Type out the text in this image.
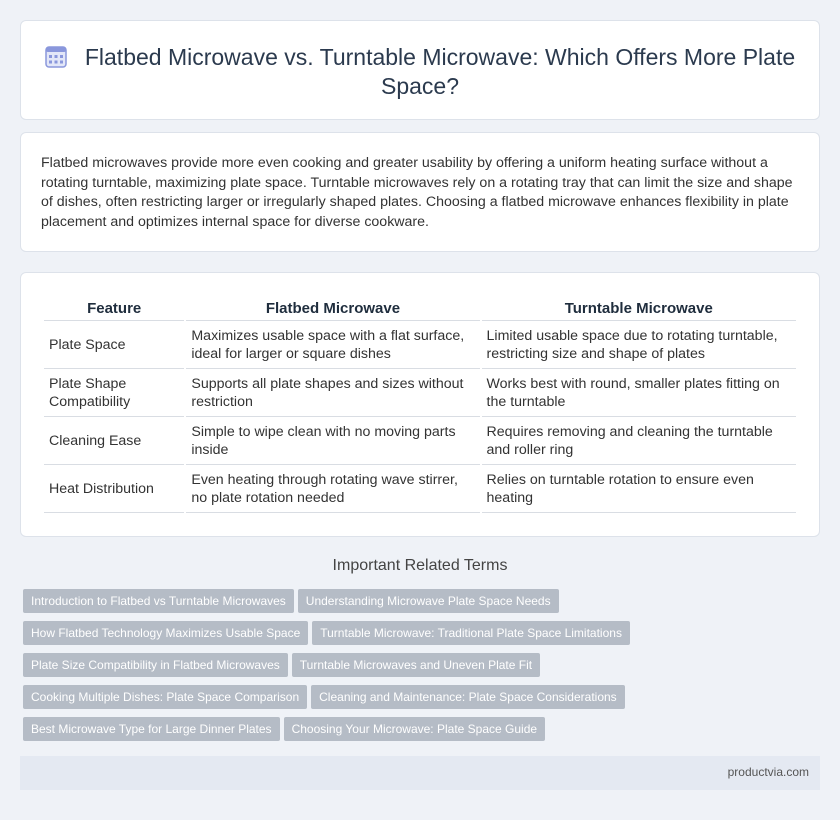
Flatbed Microwave vs. Turntable Microwave: Which Offers More Plate Space?
Flatbed microwaves provide more even cooking and greater usability by offering a uniform heating surface without a rotating turntable, maximizing plate space. Turntable microwaves rely on a rotating tray that can limit the size and shape of dishes, often restricting larger or irregularly shaped plates. Choosing a flatbed microwave enhances flexibility in plate placement and optimizes internal space for diverse cookware.
Feature	Flatbed Microwave	Turntable Microwave
Plate Space	Maximizes usable space with a flat surface, ideal for larger or square dishes	Limited usable space due to rotating turntable, restricting size and shape of plates
Plate Shape Compatibility	Supports all plate shapes and sizes without restriction	Works best with round, smaller plates fitting on the turntable
Cleaning Ease	Simple to wipe clean with no moving parts inside	Requires removing and cleaning the turntable and roller ring
Heat Distribution	Even heating through rotating wave stirrer, no plate rotation needed	Relies on turntable rotation to ensure even heating
Important Related Terms
Introduction to Flatbed vs Turntable Microwaves Understanding Microwave Plate Space Needs
How Flatbed Technology Maximizes Usable Space Turntable Microwave: Traditional Plate Space Limitations
Plate Size Compatibility in Flatbed Microwaves Turntable Microwaves and Uneven Plate Fit
Cooking Multiple Dishes: Plate Space Comparison Cleaning and Maintenance: Plate Space Considerations
Best Microwave Type for Large Dinner Plates Choosing Your Microwave: Plate Space Guide
productvia.com
